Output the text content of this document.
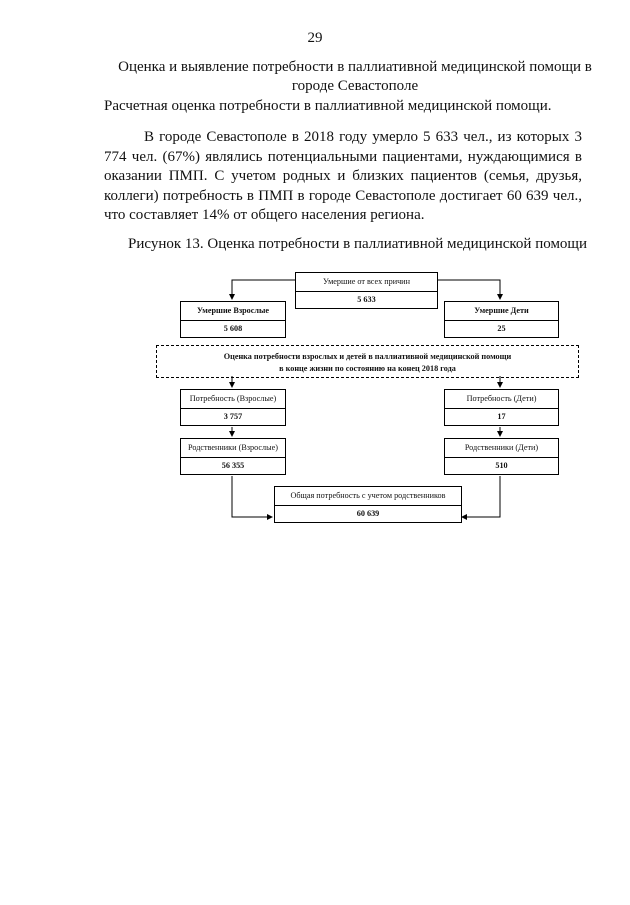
29
Оценка и выявление потребности в паллиативной медицинской помощи в городе Севастополе
Расчетная оценка потребности в паллиативной медицинской помощи.
В городе Севастополе в 2018 году умерло 5 633 чел., из которых 3 774 чел. (67%) являлись потенциальными пациентами, нуждающимися в оказании ПМП. С учетом родных и близких пациентов (семья, друзья, коллеги) потребность в ПМП в городе Севастополе достигает 60 639 чел., что составляет 14% от общего населения региона.
Рисунок 13. Оценка потребности в паллиативной медицинской помощи
Умершие от всех причин
5 633
Умершие Взрослые
5 608
Умершие Дети
25
Оценка потребности взрослых и детей в паллиативной медицинской помощи
в конце жизни по состоянию на конец 2018 года
Потребность (Взрослые)
3 757
Потребность (Дети)
17
Родственники (Взрослые)
56 355
Родственники (Дети)
510
Общая потребность с учетом родственников
60 639
